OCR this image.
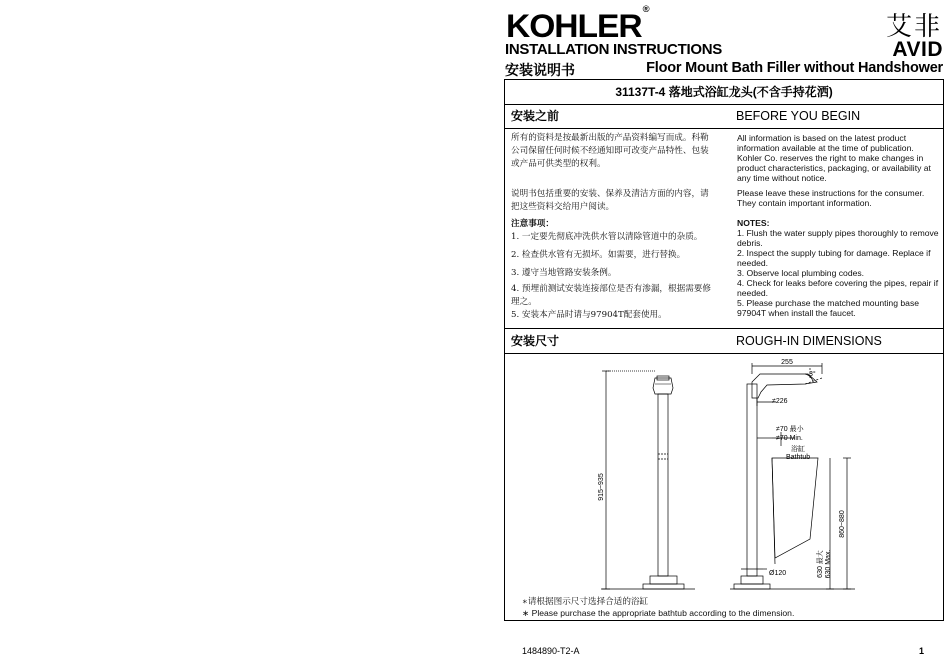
KOHLER®
艾非
INSTALLATION INSTRUCTIONS	AVID
安装说明书	Floor Mount Bath Filler without Handshower
31137T-4 落地式浴缸龙头(不含手持花洒)
安装之前	BEFORE YOU BEGIN
所有的资料是按最新出版的产品资料编写而成。科勒
公司保留任何时候不经通知即可改变产品特性、包装
或产品可供类型的权利。
说明书包括重要的安装、保养及清洁方面的内容，请
把这些资料交给用户阅读。
注意事项：
1. 一定要先彻底冲洗供水管以清除管道中的杂质。
2. 检查供水管有无损坏。如需要，进行替换。
3. 遵守当地管路安装条例。
4. 预埋前测试安装连接部位是否有渗漏，根据需要修
理之。
5. 安装本产品时请与97904T配套使用。
All information is based on the latest product
information available at the time of publication.
Kohler Co. reserves the right to make changes in
product characteristics, packaging, or availability at
any time without notice.
Please leave these instructions for the consumer.
They contain important information.
NOTES:
1. Flush the water supply pipes thoroughly to remove
debris.
2. Inspect the supply tubing for damage. Replace if
needed.
3. Observe local plumbing codes.
4. Check for leaks before covering the pipes, repair if
needed.
5. Please purchase the matched mounting base
97904T when install the faucet.
安装尺寸	ROUGH-IN DIMENSIONS
915~935
255
3°
≠226
≠70 最小
≠70 Min.
浴缸
Bathtub
860~880
630 最大 630 Max.
Ø120
∗请根据图示尺寸选择合适的浴缸
∗ Please purchase the appropriate bathtub according to the dimension.
1484890-T2-A	1
